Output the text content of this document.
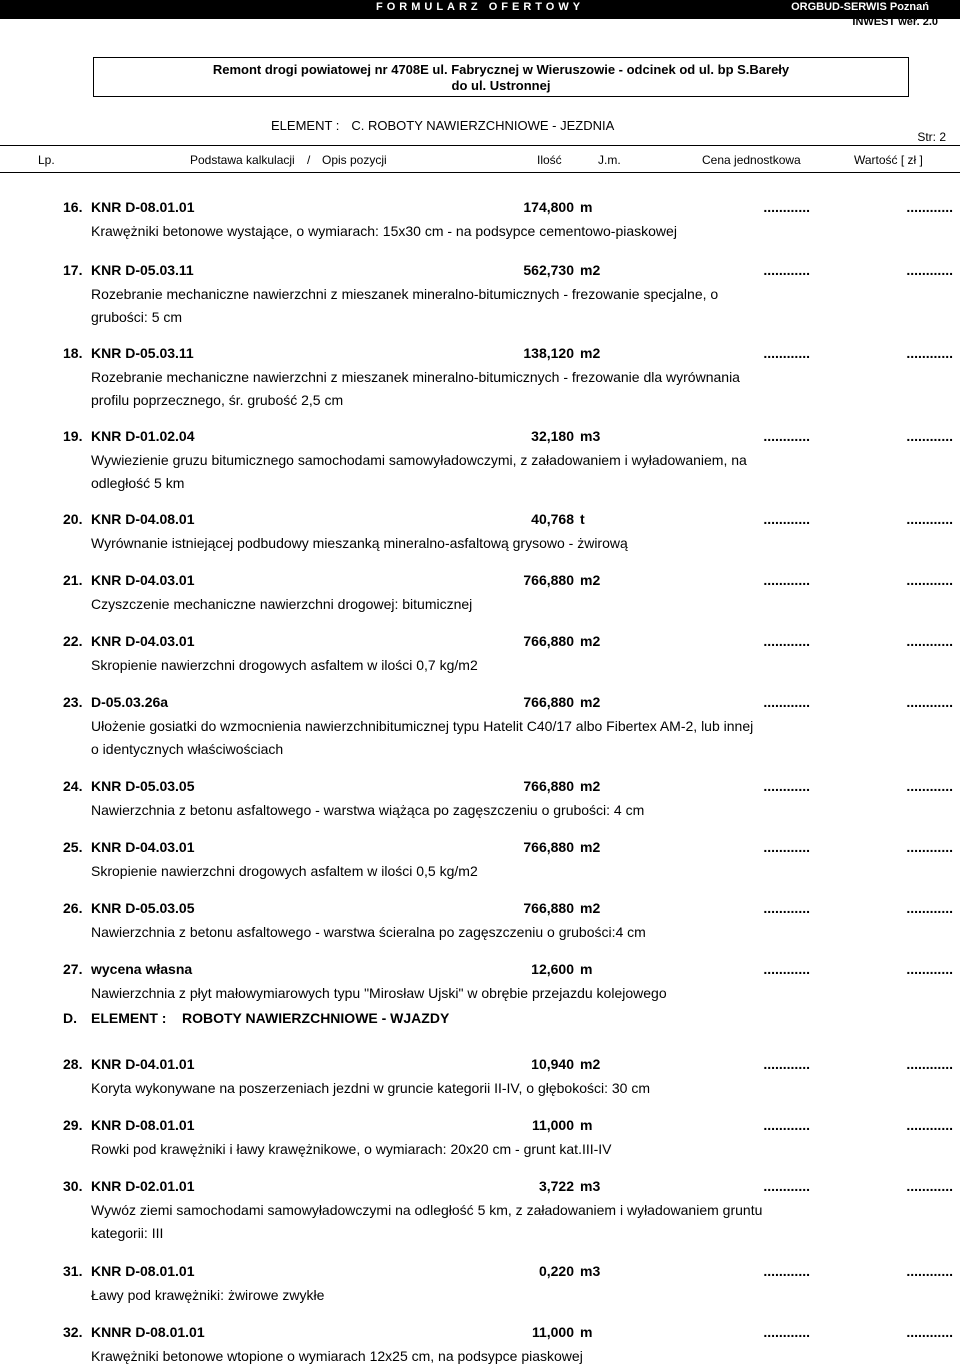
FORMULARZ OFERTOWY	ORGBUD-SERWIS Poznań
INWEST wer. 2.0
Remont drogi powiatowej nr 4708E ul. Fabrycznej w Wieruszowie - odcinek od ul. bp S.Bareły
do ul. Ustronnej
ELEMENT : C. ROBOTY NAWIERZCHNIOWE - JEZDNIA
Str: 2
Lp.	Podstawa kalkulacji / Opis pozycji	Ilość	J.m.	Cena jednostkowa	Wartość [ zł ]
16. KNR D-08.01.01	174,800 m	............	............
Krawężniki betonowe wystające, o wymiarach: 15x30 cm - na podsypce cementowo-piaskowej
17. KNR D-05.03.11	562,730 m2	............	............
Rozebranie mechaniczne nawierzchni z mieszanek mineralno-bitumicznych - frezowanie specjalne, o grubości: 5 cm
18. KNR D-05.03.11	138,120 m2	............	............
Rozebranie mechaniczne nawierzchni z mieszanek mineralno-bitumicznych - frezowanie dla wyrównania profilu poprzecznego, śr. grubość 2,5 cm
19. KNR D-01.02.04	32,180 m3	............	............
Wywiezienie gruzu bitumicznego samochodami samowyładowczymi, z załadowaniem i wyładowaniem, na odległość 5 km
20. KNR D-04.08.01	40,768 t	............	............
Wyrównanie istniejącej podbudowy mieszanką mineralno-asfaltową grysowo - żwirową
21. KNR D-04.03.01	766,880 m2	............	............
Czyszczenie mechaniczne nawierzchni drogowej: bitumicznej
22. KNR D-04.03.01	766,880 m2	............	............
Skropienie nawierzchni drogowych asfaltem w ilości 0,7 kg/m2
23. D-05.03.26a	766,880 m2	............	............
Ułożenie gosiatki do wzmocnienia nawierzchnibitumicznej typu Hatelit C40/17 albo Fibertex AM-2, lub innej o identycznych właściwościach
24. KNR D-05.03.05	766,880 m2	............	............
Nawierzchnia z betonu asfaltowego - warstwa wiążąca po zagęszczeniu o grubości: 4 cm
25. KNR D-04.03.01	766,880 m2	............	............
Skropienie nawierzchni drogowych asfaltem w ilości 0,5 kg/m2
26. KNR D-05.03.05	766,880 m2	............	............
Nawierzchnia z betonu asfaltowego - warstwa ścieralna po zagęszczeniu o grubości:4 cm
27. wycena własna	12,600 m	............	............
Nawierzchnia z płyt małowymiarowych typu "Mirosław Ujski" w obrębie przejazdu kolejowego
28. KNR D-04.01.01	10,940 m2	............	............
Koryta wykonywane na poszerzeniach jezdni w gruncie kategorii II-IV, o głębokości: 30 cm
29. KNR D-08.01.01	11,000 m	............	............
Rowki pod krawężniki i ławy krawężnikowe, o wymiarach: 20x20 cm - grunt kat.III-IV
30. KNR D-02.01.01	3,722 m3	............	............
Wywóz ziemi samochodami samowyładowczymi na odległość 5 km, z załadowaniem i wyładowaniem gruntu kategorii: III
31. KNR D-08.01.01	0,220 m3	............	............
Ławy pod krawężniki: żwirowe zwykłe
32. KNNR D-08.01.01	11,000 m	............	............
Krawężniki betonowe wtopione o wymiarach 12x25 cm, na podsypce piaskowej
D. ELEMENT : ROBOTY NAWIERZCHNIOWE - WJAZDY
